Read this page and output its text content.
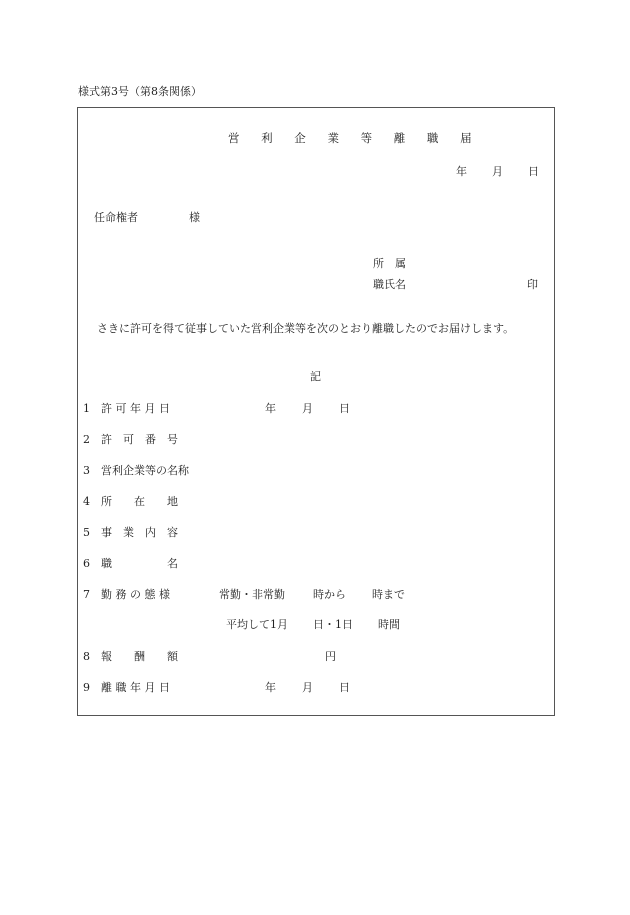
様式第3号（第8条関係）
営 利 企 業 等 離 職 届
年 月 日
任命権者	様
所　属
職氏名	印
さきに許可を得て従事していた営利企業等を次のとおり離職したのでお届けします。
記
1 許 可 年 月 日	年 月 日
2 許　可　番　号
3 営利企業等の名称
4 所　　在　　地
5 事　業　内　容
6 職　　　　　名
7 勤 務 の 態 様	常勤・非常勤	時から 時まで
平均して1月 日・1日 時間
8 報　　酬　　額	円
9 離 職 年 月 日	年 月 日
